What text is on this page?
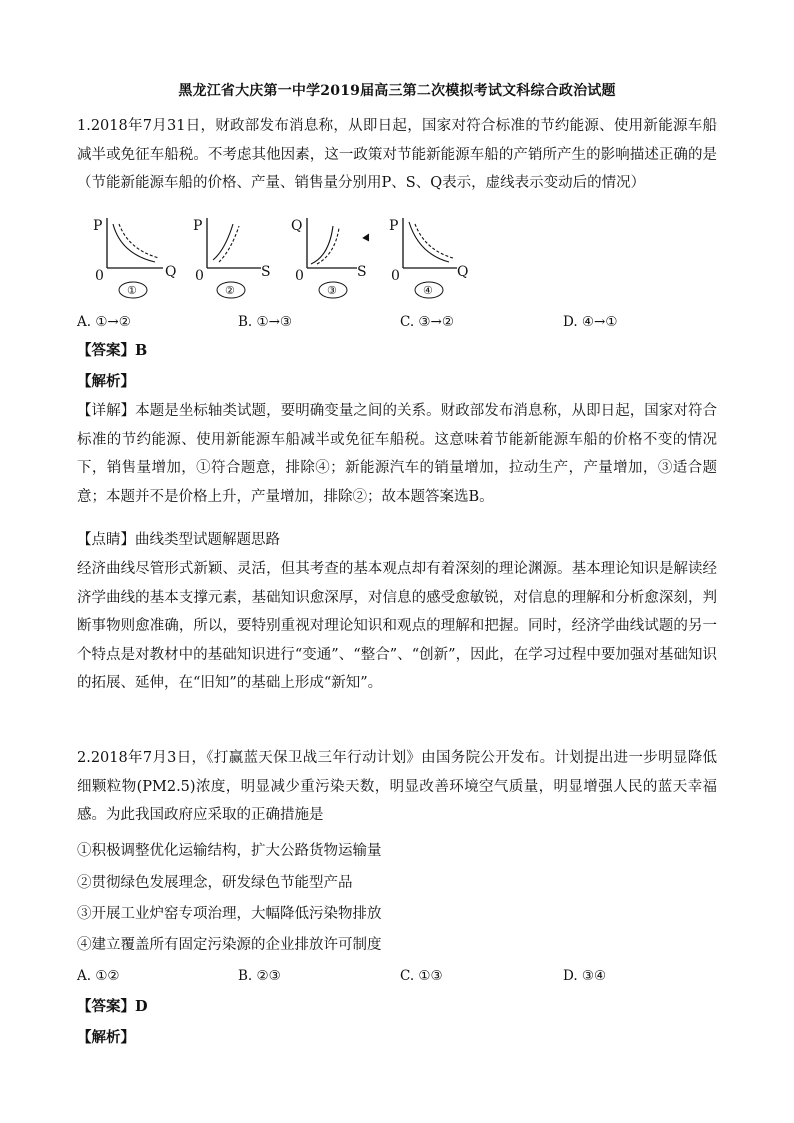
黑龙江省大庆第一中学2019届高三第二次模拟考试文科综合政治试题

1.2018年7月31日，财政部发布消息称，从即日起，国家对符合标准的节约能源、使用新能源车船减半或免征车船税。不考虑其他因素，这一政策对节能新能源车船的产销所产生的影响描述正确的是（节能新能源车船的价格、产量、销售量分别用P、S、Q表示，虚线表示变动后的情况）

P
Q
0
①
P
S
0
②
Q
S
0
③
P
Q
0
④
A. ①→②	B. ①→③	C. ③→②	D. ④→①
【答案】B
【解析】

【详解】本题是坐标轴类试题，要明确变量之间的关系。财政部发布消息称，从即日起，国家对符合标准的节约能源、使用新能源车船减半或免征车船税。这意味着节能新能源车船的价格不变的情况下，销售量增加，①符合题意，排除④；新能源汽车的销量增加，拉动生产，产量增加，③适合题意；本题并不是价格上升，产量增加，排除②；故本题答案选B。

【点睛】曲线类型试题解题思路

经济曲线尽管形式新颖、灵活，但其考查的基本观点却有着深刻的理论渊源。基本理论知识是解读经济学曲线的基本支撑元素，基础知识愈深厚，对信息的感受愈敏锐，对信息的理解和分析愈深刻，判断事物则愈准确，所以，要特别重视对理论知识和观点的理解和把握。同时，经济学曲线试题的另一个特点是对教材中的基础知识进行“变通”、“整合”、“创新”，因此，在学习过程中要加强对基础知识的拓展、延伸，在“旧知”的基础上形成“新知”。

2.2018年7月3日，《打赢蓝天保卫战三年行动计划》由国务院公开发布。计划提出进一步明显降低细颗粒物(PM2.5)浓度，明显减少重污染天数，明显改善环境空气质量，明显增强人民的蓝天幸福感。为此我国政府应采取的正确措施是

①积极调整优化运输结构，扩大公路货物运输量
②贯彻绿色发展理念，研发绿色节能型产品
③开展工业炉窑专项治理，大幅降低污染物排放
④建立覆盖所有固定污染源的企业排放许可制度
A. ①②	B. ②③	C. ①③	D. ③④
【答案】D
【解析】
